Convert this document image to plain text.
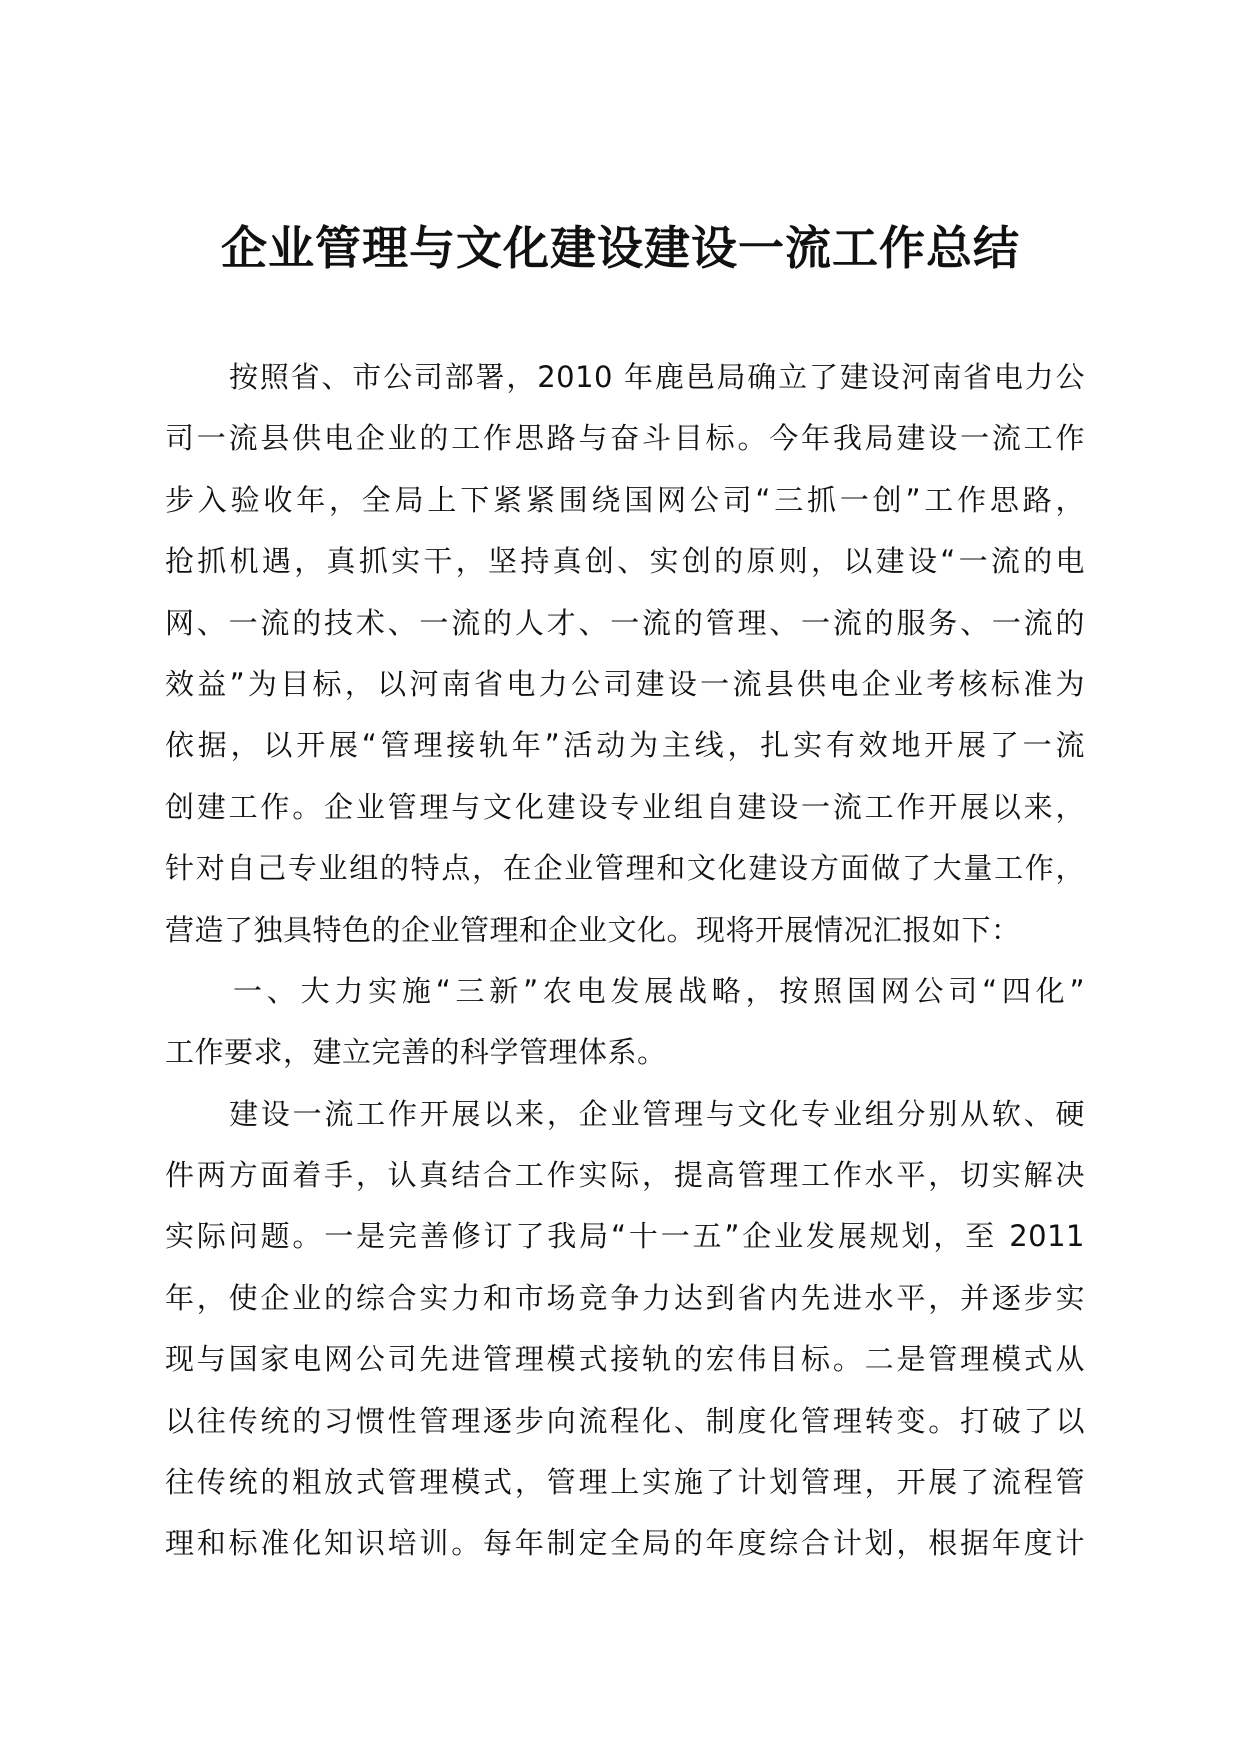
企业管理与文化建设建设一流工作总结
按照省、市公司部署，2010 年鹿邑局确立了建设河南省电力公
司一流县供电企业的工作思路与奋斗目标。今年我局建设一流工作
步入验收年，全局上下紧紧围绕国网公司“三抓一创”工作思路，
抢抓机遇，真抓实干，坚持真创、实创的原则，以建设“一流的电
网、一流的技术、一流的人才、一流的管理、一流的服务、一流的
效益”为目标，以河南省电力公司建设一流县供电企业考核标准为
依据，以开展“管理接轨年”活动为主线，扎实有效地开展了一流
创建工作。企业管理与文化建设专业组自建设一流工作开展以来，
针对自己专业组的特点，在企业管理和文化建设方面做了大量工作，
营造了独具特色的企业管理和企业文化。现将开展情况汇报如下：
一、大力实施“三新”农电发展战略，按照国网公司“四化”
工作要求，建立完善的科学管理体系。
建设一流工作开展以来，企业管理与文化专业组分别从软、硬
件两方面着手，认真结合工作实际，提高管理工作水平，切实解决
实际问题。一是完善修订了我局“十一五”企业发展规划，至 2011
年，使企业的综合实力和市场竞争力达到省内先进水平，并逐步实
现与国家电网公司先进管理模式接轨的宏伟目标。二是管理模式从
以往传统的习惯性管理逐步向流程化、制度化管理转变。打破了以
往传统的粗放式管理模式，管理上实施了计划管理，开展了流程管
理和标准化知识培训。每年制定全局的年度综合计划，根据年度计
